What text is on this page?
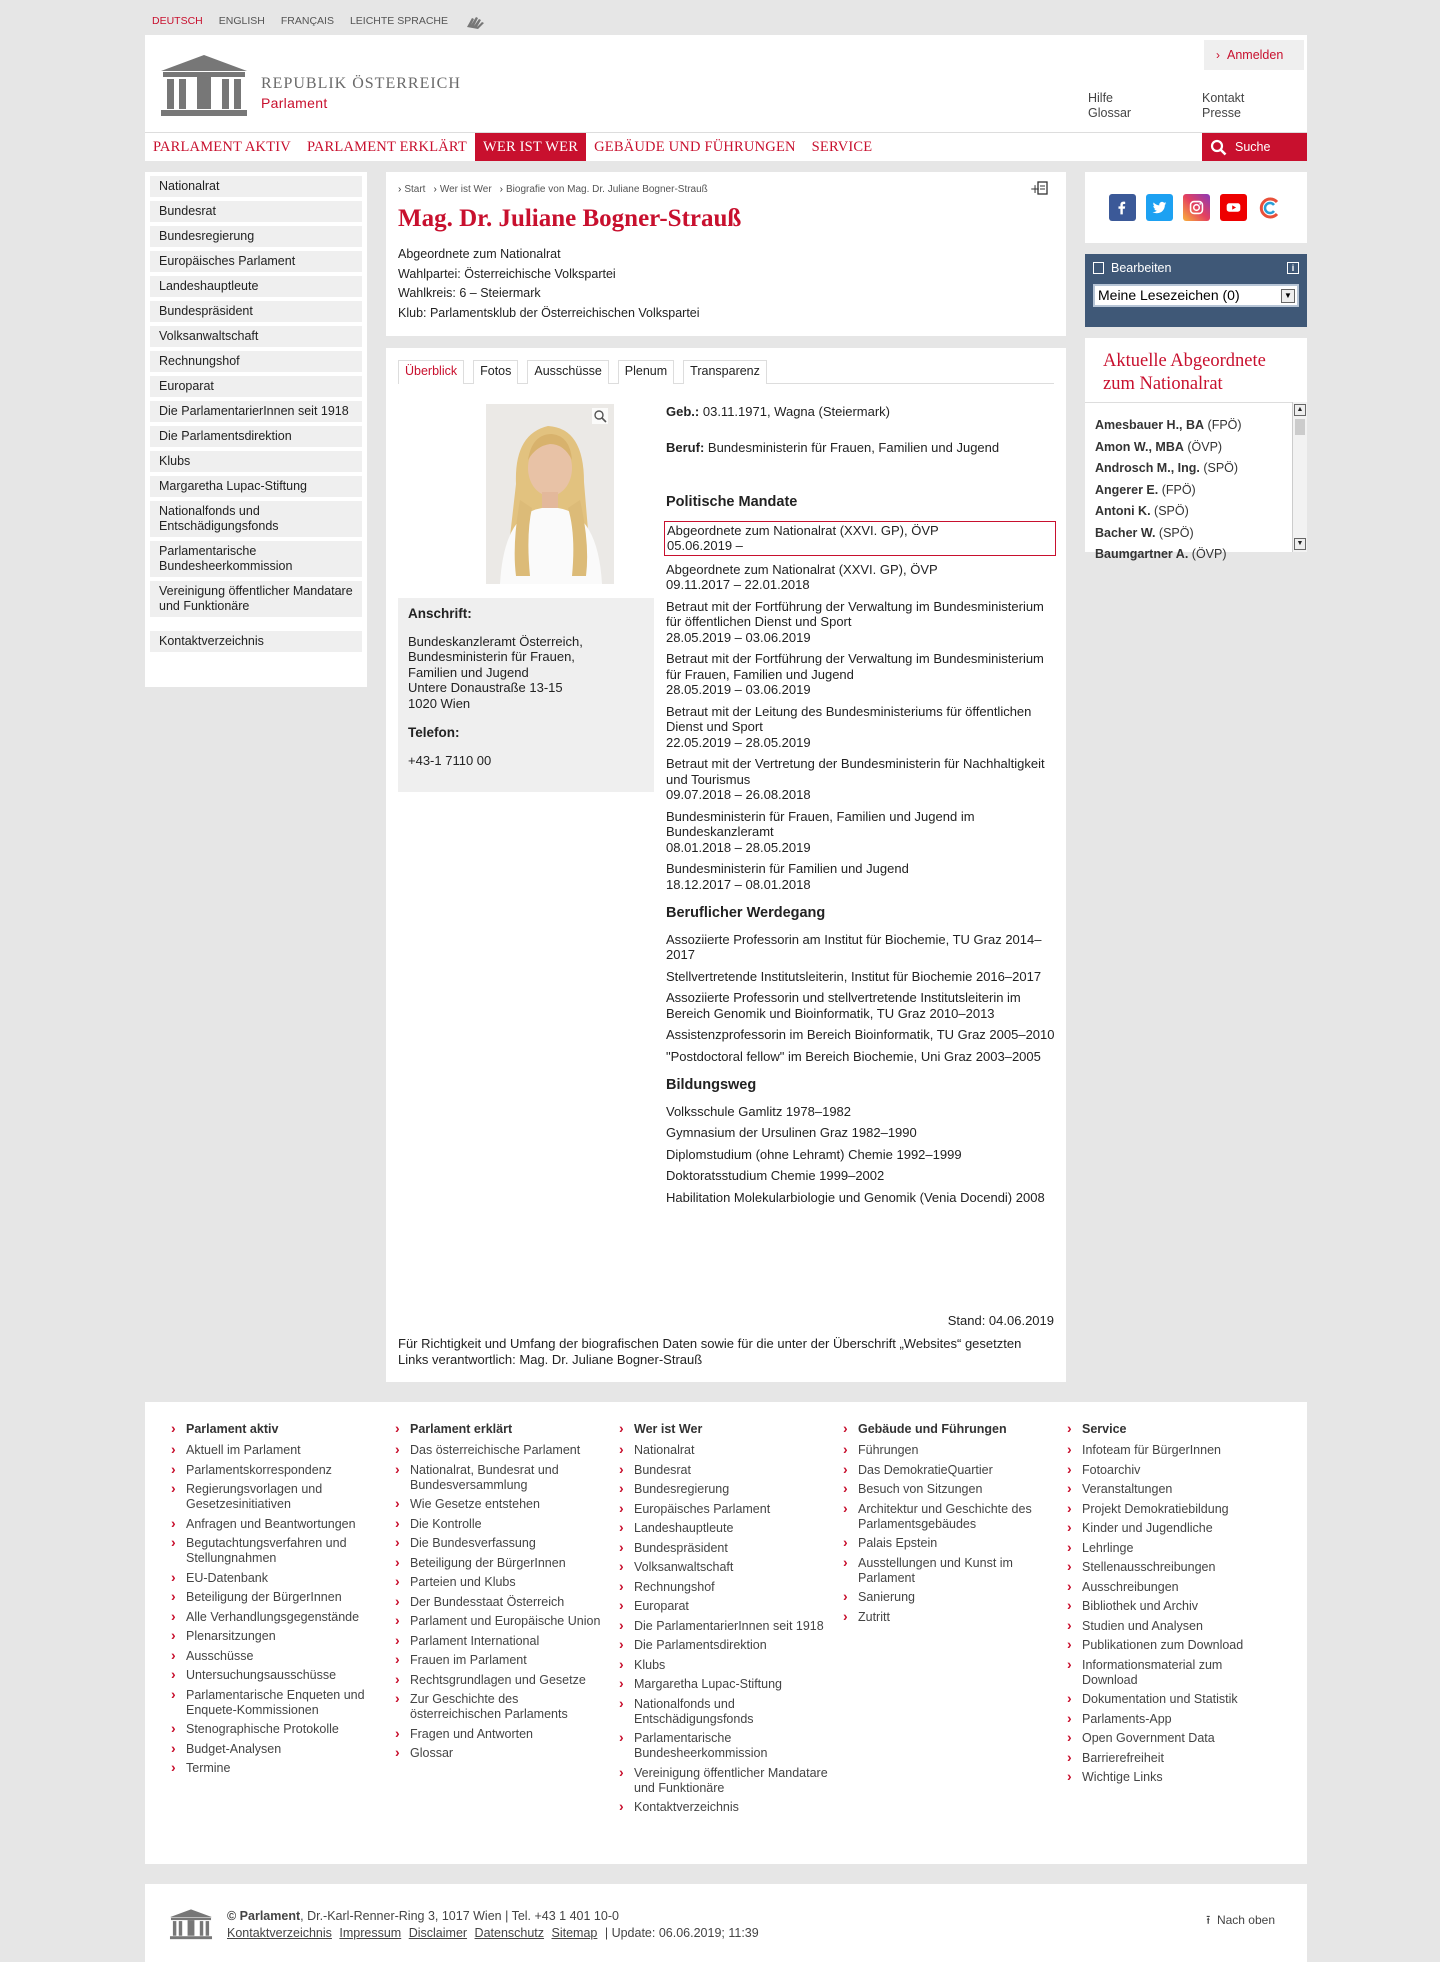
DEUTSCH ENGLISH FRANÇAIS LEICHTE SPRACHE
REPUBLIK ÖSTERREICH
Parlament
› Anmelden
Hilfe
Glossar
Kontakt
Presse
PARLAMENT AKTIV	PARLAMENT ERKLÄRT	WER IST WER	GEBÄUDE UND FÜHRUNGEN	SERVICE	Suche
Nationalrat
Bundesrat
Bundesregierung
Europäisches Parlament
Landeshauptleute
Bundespräsident
Volksanwaltschaft
Rechnungshof
Europarat
Die ParlamentarierInnen seit 1918
Die Parlamentsdirektion
Klubs
Margaretha Lupac-Stiftung
Nationalfonds und Entschädigungsfonds
Parlamentarische Bundesheerkommission
Vereinigung öffentlicher Mandatare und Funktionäre
Kontaktverzeichnis
› Start	› Wer ist Wer	› Biografie von Mag. Dr. Juliane Bogner-Strauß	+
Mag. Dr. Juliane Bogner-Strauß
Abgeordnete zum Nationalrat
Wahlpartei: Österreichische Volkspartei
Wahlkreis: 6 – Steiermark
Klub: Parlamentsklub der Österreichischen Volkspartei
Überblick	Fotos	Ausschüsse	Plenum	Transparenz
Anschrift:
Bundeskanzleramt Österreich,
Bundesministerin für Frauen,
Familien und Jugend
Untere Donaustraße 13-15
1020 Wien
Telefon:
+43-1 7110 00
Geb.: 03.11.1971, Wagna (Steiermark)
Beruf: Bundesministerin für Frauen, Familien und Jugend
Politische Mandate
Abgeordnete zum Nationalrat (XXVI. GP), ÖVP
05.06.2019 –
Abgeordnete zum Nationalrat (XXVI. GP), ÖVP
09.11.2017 – 22.01.2018
Betraut mit der Fortführung der Verwaltung im Bundesministerium für öffentlichen Dienst und Sport
28.05.2019 – 03.06.2019
Betraut mit der Fortführung der Verwaltung im Bundesministerium für Frauen, Familien und Jugend
28.05.2019 – 03.06.2019
Betraut mit der Leitung des Bundesministeriums für öffentlichen Dienst und Sport
22.05.2019 – 28.05.2019
Betraut mit der Vertretung der Bundesministerin für Nachhaltigkeit und Tourismus
09.07.2018 – 26.08.2018
Bundesministerin für Frauen, Familien und Jugend im Bundeskanzleramt
08.01.2018 – 28.05.2019
Bundesministerin für Familien und Jugend
18.12.2017 – 08.01.2018
Beruflicher Werdegang
Assoziierte Professorin am Institut für Biochemie, TU Graz 2014–2017
Stellvertretende Institutsleiterin, Institut für Biochemie 2016–2017
Assoziierte Professorin und stellvertretende Institutsleiterin im Bereich Genomik und Bioinformatik, TU Graz 2010–2013
Assistenzprofessorin im Bereich Bioinformatik, TU Graz 2005–2010
"Postdoctoral fellow" im Bereich Biochemie, Uni Graz 2003–2005
Bildungsweg
Volksschule Gamlitz 1978–1982
Gymnasium der Ursulinen Graz 1982–1990
Diplomstudium (ohne Lehramt) Chemie 1992–1999
Doktoratsstudium Chemie 1999–2002
Habilitation Molekularbiologie und Genomik (Venia Docendi) 2008
Stand: 04.06.2019
Für Richtigkeit und Umfang der biografischen Daten sowie für die unter der Überschrift „Websites“ gesetzten Links verantwortlich: Mag. Dr. Juliane Bogner-Strauß
Bearbeiten	i
Meine Lesezeichen (0)	▼
Aktuelle Abgeordnete zum Nationalrat
Amesbauer H., BA (FPÖ)
Amon W., MBA (ÖVP)
Androsch M., Ing. (SPÖ)
Angerer E. (FPÖ)
Antoni K. (SPÖ)
Bacher W. (SPÖ)
Baumgartner A. (ÖVP)
▲
▼
› Parlament aktiv
› Aktuell im Parlament
› Parlamentskorrespondenz
› Regierungsvorlagen und Gesetzesinitiativen
› Anfragen und Beantwortungen
› Begutachtungsverfahren und Stellungnahmen
› EU-Datenbank
› Beteiligung der BürgerInnen
› Alle Verhandlungsgegenstände
› Plenarsitzungen
› Ausschüsse
› Untersuchungsausschüsse
› Parlamentarische Enqueten und Enquete-Kommissionen
› Stenographische Protokolle
› Budget-Analysen
› Termine
› Parlament erklärt
› Das österreichische Parlament
› Nationalrat, Bundesrat und Bundesversammlung
› Wie Gesetze entstehen
› Die Kontrolle
› Die Bundesverfassung
› Beteiligung der BürgerInnen
› Parteien und Klubs
› Der Bundesstaat Österreich
› Parlament und Europäische Union
› Parlament International
› Frauen im Parlament
› Rechtsgrundlagen und Gesetze
› Zur Geschichte des österreichischen Parlaments
› Fragen und Antworten
› Glossar
› Wer ist Wer
› Nationalrat
› Bundesrat
› Bundesregierung
› Europäisches Parlament
› Landeshauptleute
› Bundespräsident
› Volksanwaltschaft
› Rechnungshof
› Europarat
› Die ParlamentarierInnen seit 1918
› Die Parlamentsdirektion
› Klubs
› Margaretha Lupac-Stiftung
› Nationalfonds und Entschädigungsfonds
› Parlamentarische Bundesheerkommission
› Vereinigung öffentlicher Mandatare und Funktionäre
› Kontaktverzeichnis
› Gebäude und Führungen
› Führungen
› Das DemokratieQuartier
› Besuch von Sitzungen
› Architektur und Geschichte des Parlamentsgebäudes
› Palais Epstein
› Ausstellungen und Kunst im Parlament
› Sanierung
› Zutritt
› Service
› Infoteam für BürgerInnen
› Fotoarchiv
› Veranstaltungen
› Projekt Demokratiebildung
› Kinder und Jugendliche
› Lehrlinge
› Stellenausschreibungen
› Ausschreibungen
› Bibliothek und Archiv
› Studien und Analysen
› Publikationen zum Download
› Informationsmaterial zum Download
› Dokumentation und Statistik
› Parlaments-App
› Open Government Data
› Barrierefreiheit
› Wichtige Links
© Parlament, Dr.-Karl-Renner-Ring 3, 1017 Wien | Tel. +43 1 401 10-0
Kontaktverzeichnis Impressum Disclaimer Datenschutz Sitemap | Update: 06.06.2019; 11:39
⭱ Nach oben
